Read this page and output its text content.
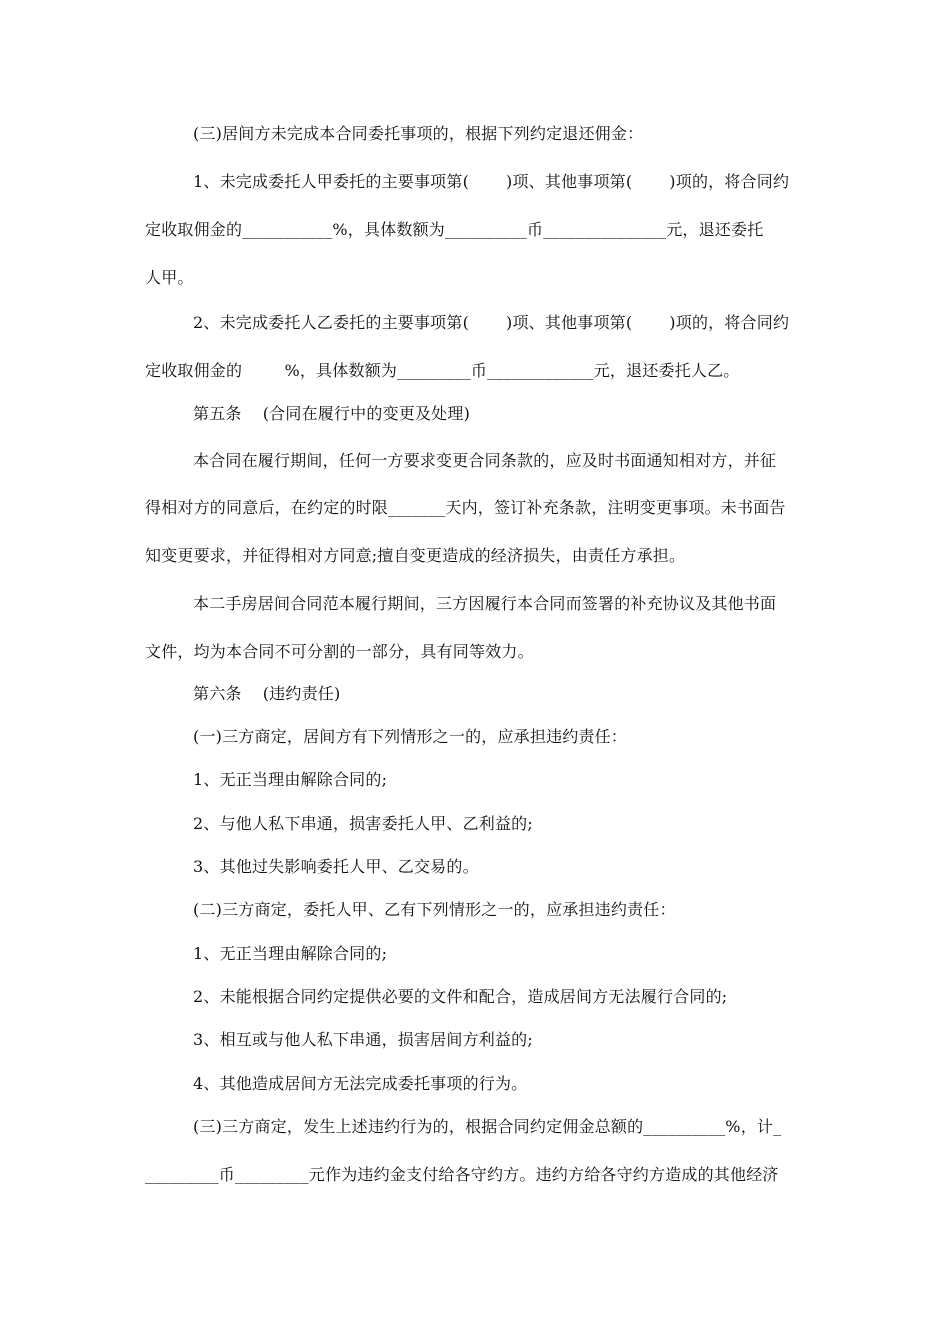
(三)居间方未完成本合同委托事项的，根据下列约定退还佣金：
1、未完成委托人甲委托的主要事项第(       )项、其他事项第(       )项的，将合同约
定收取佣金的___________%，具体数额为__________币_______________元，退还委托
人甲。
2、未完成委托人乙委托的主要事项第(       )项、其他事项第(       )项的，将合同约
定收取佣金的        %，具体数额为_________币_____________元，退还委托人乙。
第五条    (合同在履行中的变更及处理)
本合同在履行期间，任何一方要求变更合同条款的，应及时书面通知相对方，并征
得相对方的同意后，在约定的时限_______天内，签订补充条款，注明变更事项。未书面告
知变更要求，并征得相对方同意;擅自变更造成的经济损失，由责任方承担。
本二手房居间合同范本履行期间，三方因履行本合同而签署的补充协议及其他书面
文件，均为本合同不可分割的一部分，具有同等效力。
第六条    (违约责任)
(一)三方商定，居间方有下列情形之一的，应承担违约责任：
1、无正当理由解除合同的;
2、与他人私下串通，损害委托人甲、乙利益的;
3、其他过失影响委托人甲、乙交易的。
(二)三方商定，委托人甲、乙有下列情形之一的，应承担违约责任：
1、无正当理由解除合同的;
2、未能根据合同约定提供必要的文件和配合，造成居间方无法履行合同的;
3、相互或与他人私下串通，损害居间方利益的;
4、其他造成居间方无法完成委托事项的行为。
(三)三方商定，发生上述违约行为的，根据合同约定佣金总额的__________%，计_
_________币_________元作为违约金支付给各守约方。违约方给各守约方造成的其他经济
